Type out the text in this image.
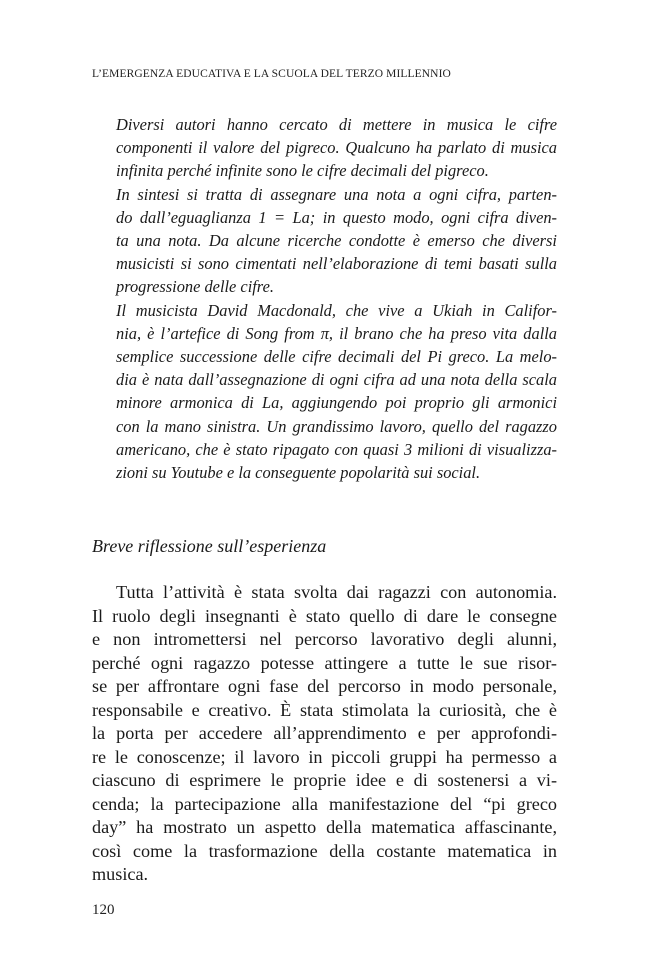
L’EMERGENZA EDUCATIVA E LA SCUOLA DEL TERZO MILLENNIO

Diversi autori hanno cercato di mettere in musica le cifre
componenti il valore del pigreco. Qualcuno ha parlato di musica
infinita perché infinite sono le cifre decimali del pigreco.

In sintesi si tratta di assegnare una nota a ogni cifra, parten-
do dall’eguaglianza 1 = La; in questo modo, ogni cifra diven-
ta una nota. Da alcune ricerche condotte è emerso che diversi
musicisti si sono cimentati nell’elaborazione di temi basati sulla
progressione delle cifre.

Il musicista David Macdonald, che vive a Ukiah in Califor-
nia, è l’artefice di Song from π, il brano che ha preso vita dalla
semplice successione delle cifre decimali del Pi greco. La melo-
dia è nata dall’assegnazione di ogni cifra ad una nota della scala
minore armonica di La, aggiungendo poi proprio gli armonici
con la mano sinistra. Un grandissimo lavoro, quello del ragazzo
americano, che è stato ripagato con quasi 3 milioni di visualizza-
zioni su Youtube e la conseguente popolarità sui social.

Breve riflessione sull’esperienza
Tutta l’attività è stata svolta dai ragazzi con autonomia.
Il ruolo degli insegnanti è stato quello di dare le consegne
e non intromettersi nel percorso lavorativo degli alunni,
perché ogni ragazzo potesse attingere a tutte le sue risor-
se per affrontare ogni fase del percorso in modo personale,
responsabile e creativo. È stata stimolata la curiosità, che è
la porta per accedere all’apprendimento e per approfondi-
re le conoscenze; il lavoro in piccoli gruppi ha permesso a
ciascuno di esprimere le proprie idee e di sostenersi a vi-
cenda; la partecipazione alla manifestazione del “pi greco
day” ha mostrato un aspetto della matematica affascinante,
così come la trasformazione della costante matematica in
musica.
120
